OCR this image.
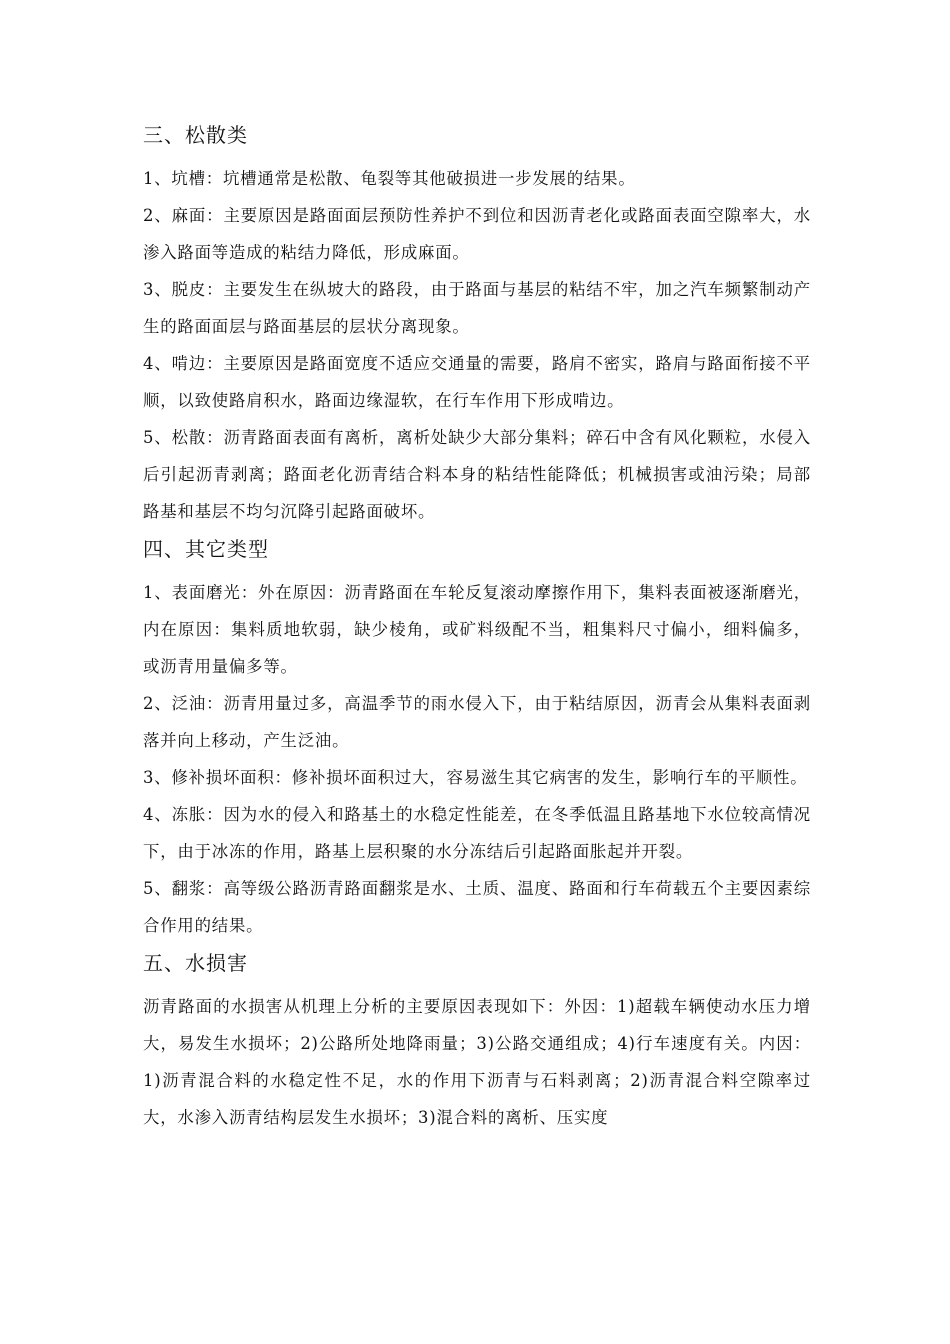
三、松散类

1、坑槽：坑槽通常是松散、龟裂等其他破损进一步发展的结果。

2、麻面：主要原因是路面面层预防性养护不到位和因沥青老化或路面表面空隙率大，水渗入路面等造成的粘结力降低，形成麻面。

3、脱皮：主要发生在纵坡大的路段，由于路面与基层的粘结不牢，加之汽车频繁制动产生的路面面层与路面基层的层状分离现象。

4、啃边：主要原因是路面宽度不适应交通量的需要，路肩不密实，路肩与路面衔接不平顺，以致使路肩积水，路面边缘湿软，在行车作用下形成啃边。

5、松散：沥青路面表面有离析，离析处缺少大部分集料；碎石中含有风化颗粒，水侵入后引起沥青剥离；路面老化沥青结合料本身的粘结性能降低；机械损害或油污染；局部路基和基层不均匀沉降引起路面破坏。

四、其它类型

1、表面磨光：外在原因：沥青路面在车轮反复滚动摩擦作用下，集料表面被逐渐磨光，内在原因：集料质地软弱，缺少棱角，或矿料级配不当，粗集料尺寸偏小，细料偏多，或沥青用量偏多等。

2、泛油：沥青用量过多，高温季节的雨水侵入下，由于粘结原因，沥青会从集料表面剥落并向上移动，产生泛油。

3、修补损坏面积：修补损坏面积过大，容易滋生其它病害的发生，影响行车的平顺性。

4、冻胀：因为水的侵入和路基土的水稳定性能差，在冬季低温且路基地下水位较高情况下，由于冰冻的作用，路基上层积聚的水分冻结后引起路面胀起并开裂。

5、翻浆：高等级公路沥青路面翻浆是水、土质、温度、路面和行车荷载五个主要因素综合作用的结果。

五、水损害

沥青路面的水损害从机理上分析的主要原因表现如下：外因：1)超载车辆使动水压力增大，易发生水损坏；2)公路所处地降雨量；3)公路交通组成；4)行车速度有关。内因：1)沥青混合料的水稳定性不足，水的作用下沥青与石料剥离；2)沥青混合料空隙率过大，水渗入沥青结构层发生水损坏；3)混合料的离析、压实度
